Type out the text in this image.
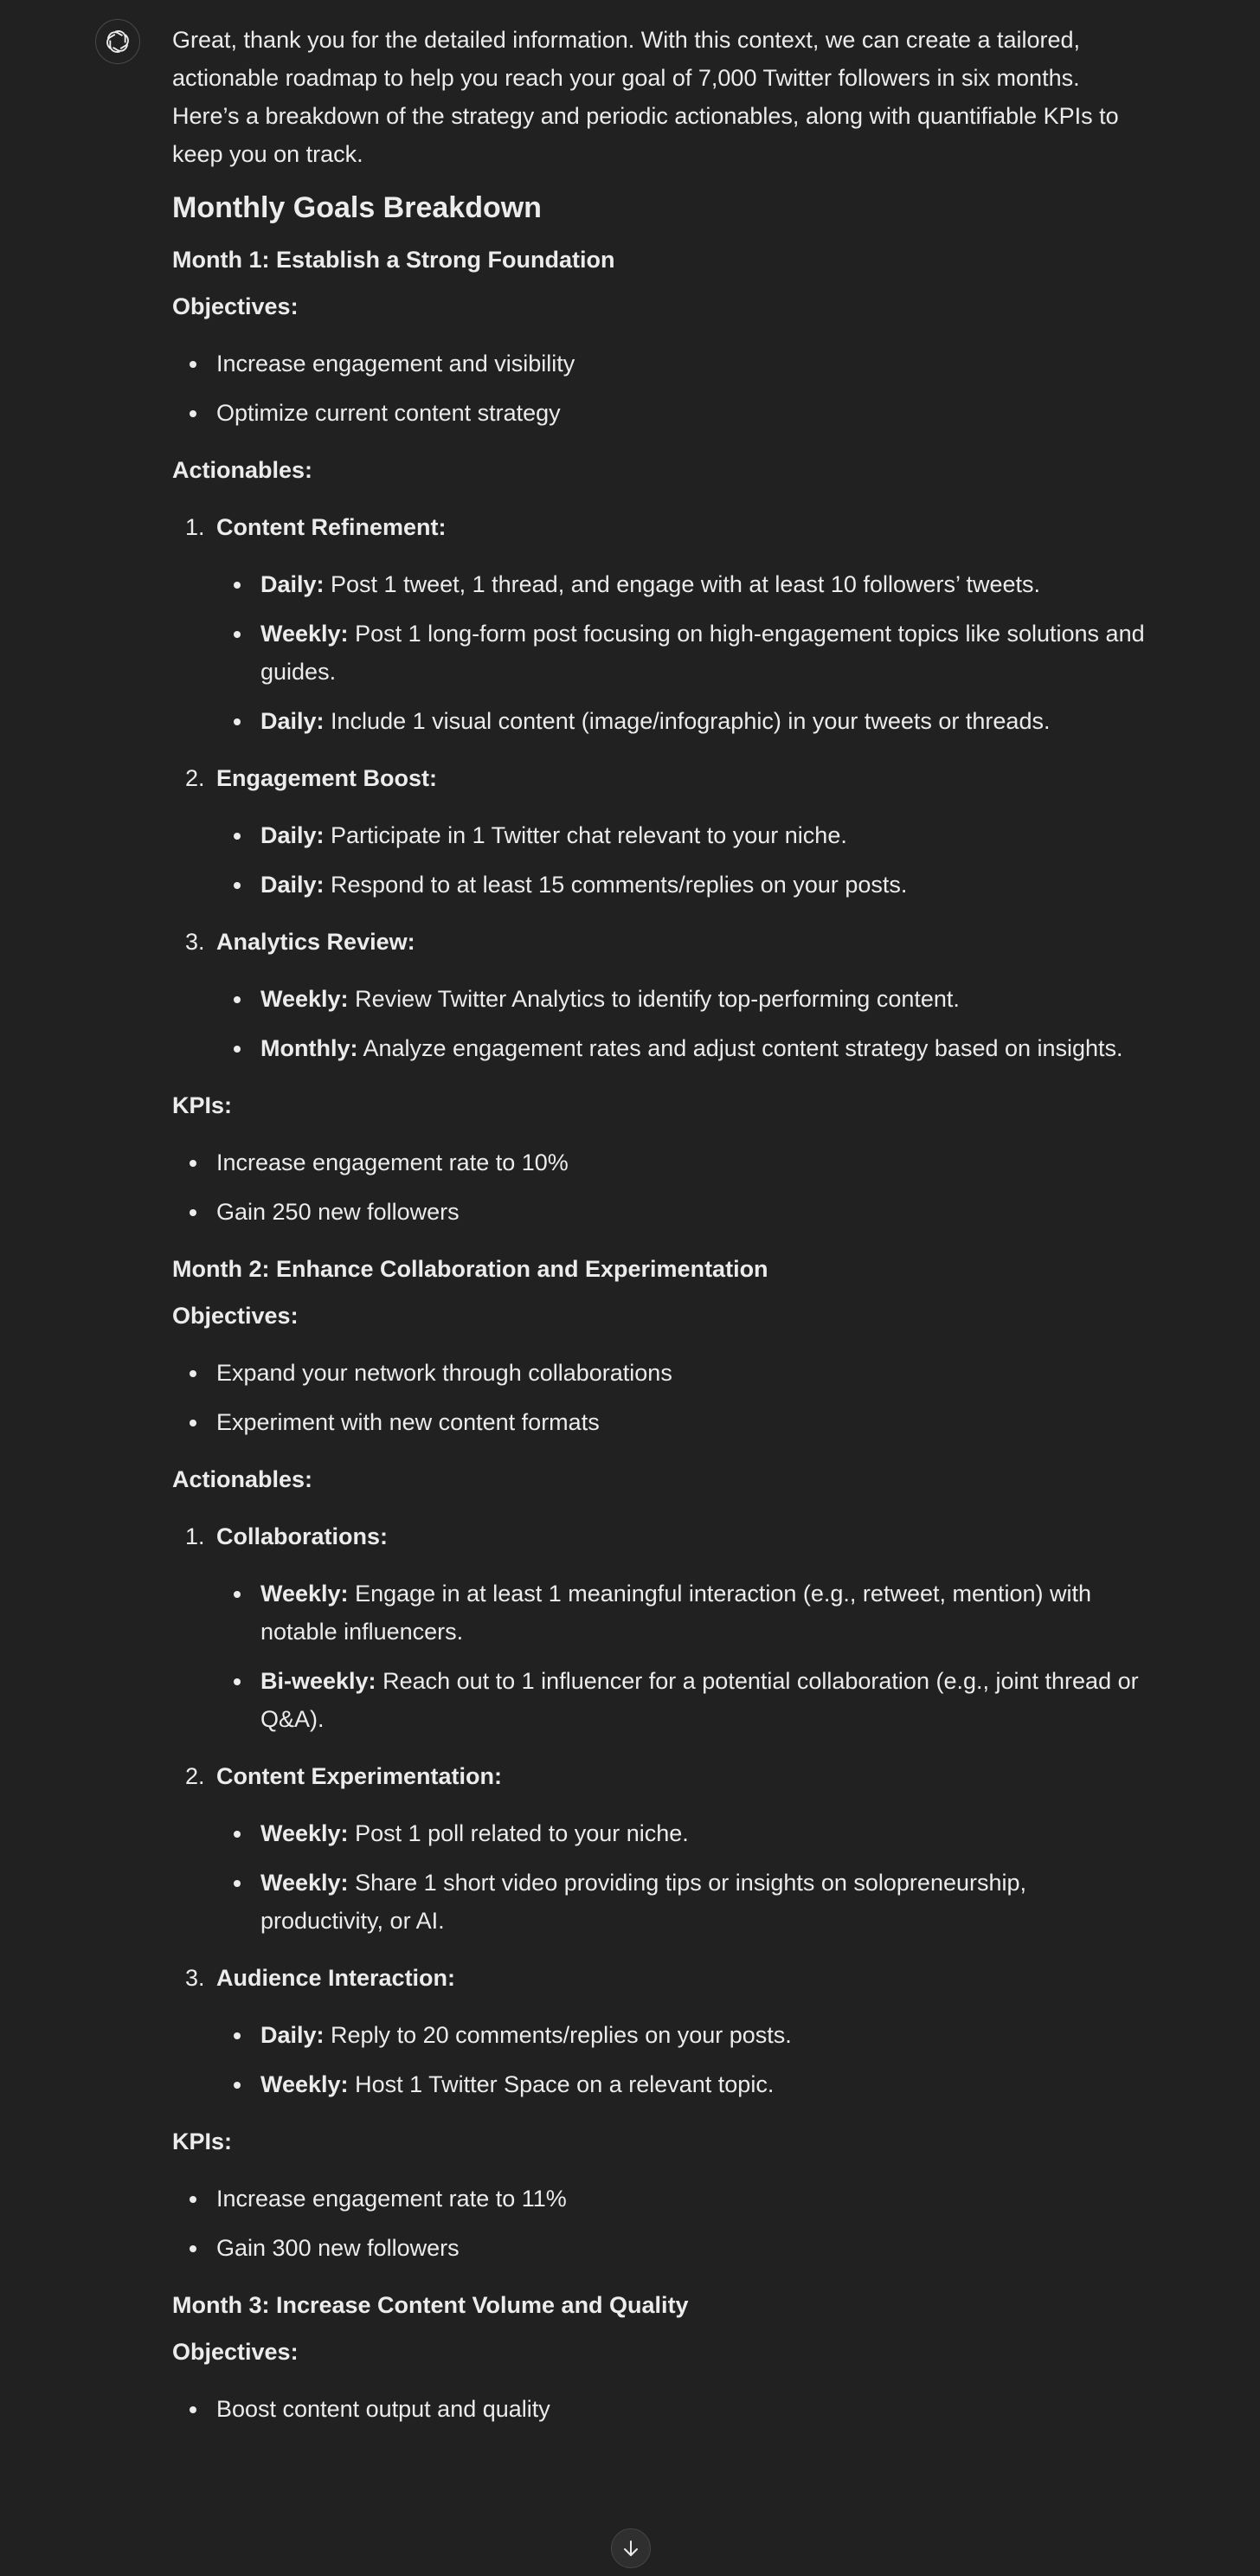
Great, thank you for the detailed information. With this context, we can create a tailored, actionable roadmap to help you reach your goal of 7,000 Twitter followers in six months. Here’s a breakdown of the strategy and periodic actionables, along with quantifiable KPIs to keep you on track.

Monthly Goals Breakdown
Month 1: Establish a Strong Foundation

Objectives:

Increase engagement and visibility
Optimize current content strategy

Actionables:

1. Content Refinement:
Daily: Post 1 tweet, 1 thread, and engage with at least 10 followers’ tweets.
Weekly: Post 1 long-form post focusing on high-engagement topics like solutions and guides.
Daily: Include 1 visual content (image/infographic) in your tweets or threads.
2. Engagement Boost:
Daily: Participate in 1 Twitter chat relevant to your niche.
Daily: Respond to at least 15 comments/replies on your posts.
3. Analytics Review:
Weekly: Review Twitter Analytics to identify top-performing content.
Monthly: Analyze engagement rates and adjust content strategy based on insights.

KPIs:

Increase engagement rate to 10%
Gain 250 new followers
Month 2: Enhance Collaboration and Experimentation

Objectives:

Expand your network through collaborations
Experiment with new content formats

Actionables:

1. Collaborations:
Weekly: Engage in at least 1 meaningful interaction (e.g., retweet, mention) with notable influencers.
Bi-weekly: Reach out to 1 influencer for a potential collaboration (e.g., joint thread or Q&A).
2. Content Experimentation:
Weekly: Post 1 poll related to your niche.
Weekly: Share 1 short video providing tips or insights on solopreneurship, productivity, or AI.
3. Audience Interaction:
Daily: Reply to 20 comments/replies on your posts.
Weekly: Host 1 Twitter Space on a relevant topic.

KPIs:

Increase engagement rate to 11%
Gain 300 new followers
Month 3: Increase Content Volume and Quality

Objectives:

Boost content output and quality
